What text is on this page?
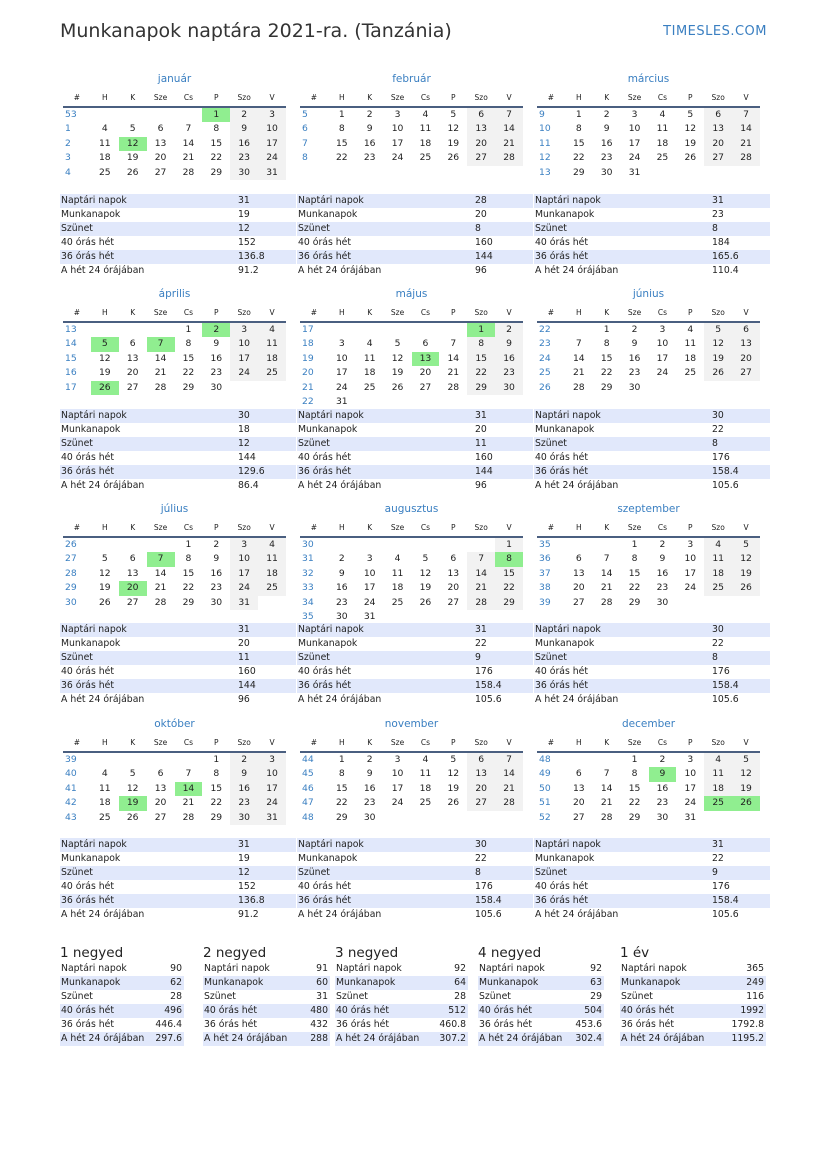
Munkanapok naptára 2021-ra. (Tanzánia)	TIMESLES.COM
január
#	H	K	Sze	Cs	P	Szo	V
53					1	2	3
1	4	5	6	7	8	9	10
2	11	12	13	14	15	16	17
3	18	19	20	21	22	23	24
4	25	26	27	28	29	30	31
Naptári napok	31
Munkanapok	19
Szünet	12
40 órás hét	152
36 órás hét	136.8
A hét 24 órájában	91.2
február
#	H	K	Sze	Cs	P	Szo	V
5	1	2	3	4	5	6	7
6	8	9	10	11	12	13	14
7	15	16	17	18	19	20	21
8	22	23	24	25	26	27	28
Naptári napok	28
Munkanapok	20
Szünet	8
40 órás hét	160
36 órás hét	144
A hét 24 órájában	96
március
#	H	K	Sze	Cs	P	Szo	V
9	1	2	3	4	5	6	7
10	8	9	10	11	12	13	14
11	15	16	17	18	19	20	21
12	22	23	24	25	26	27	28
13	29	30	31				
Naptári napok	31
Munkanapok	23
Szünet	8
40 órás hét	184
36 órás hét	165.6
A hét 24 órájában	110.4
április
#	H	K	Sze	Cs	P	Szo	V
13				1	2	3	4
14	5	6	7	8	9	10	11
15	12	13	14	15	16	17	18
16	19	20	21	22	23	24	25
17	26	27	28	29	30		
Naptári napok	30
Munkanapok	18
Szünet	12
40 órás hét	144
36 órás hét	129.6
A hét 24 órájában	86.4
május
#	H	K	Sze	Cs	P	Szo	V
17						1	2
18	3	4	5	6	7	8	9
19	10	11	12	13	14	15	16
20	17	18	19	20	21	22	23
21	24	25	26	27	28	29	30
22	31						
Naptári napok	31
Munkanapok	20
Szünet	11
40 órás hét	160
36 órás hét	144
A hét 24 órájában	96
június
#	H	K	Sze	Cs	P	Szo	V
22		1	2	3	4	5	6
23	7	8	9	10	11	12	13
24	14	15	16	17	18	19	20
25	21	22	23	24	25	26	27
26	28	29	30				
Naptári napok	30
Munkanapok	22
Szünet	8
40 órás hét	176
36 órás hét	158.4
A hét 24 órájában	105.6
július
#	H	K	Sze	Cs	P	Szo	V
26				1	2	3	4
27	5	6	7	8	9	10	11
28	12	13	14	15	16	17	18
29	19	20	21	22	23	24	25
30	26	27	28	29	30	31	
Naptári napok	31
Munkanapok	20
Szünet	11
40 órás hét	160
36 órás hét	144
A hét 24 órájában	96
augusztus
#	H	K	Sze	Cs	P	Szo	V
30							1
31	2	3	4	5	6	7	8
32	9	10	11	12	13	14	15
33	16	17	18	19	20	21	22
34	23	24	25	26	27	28	29
35	30	31					
Naptári napok	31
Munkanapok	22
Szünet	9
40 órás hét	176
36 órás hét	158.4
A hét 24 órájában	105.6
szeptember
#	H	K	Sze	Cs	P	Szo	V
35			1	2	3	4	5
36	6	7	8	9	10	11	12
37	13	14	15	16	17	18	19
38	20	21	22	23	24	25	26
39	27	28	29	30			
Naptári napok	30
Munkanapok	22
Szünet	8
40 órás hét	176
36 órás hét	158.4
A hét 24 órájában	105.6
október
#	H	K	Sze	Cs	P	Szo	V
39					1	2	3
40	4	5	6	7	8	9	10
41	11	12	13	14	15	16	17
42	18	19	20	21	22	23	24
43	25	26	27	28	29	30	31
Naptári napok	31
Munkanapok	19
Szünet	12
40 órás hét	152
36 órás hét	136.8
A hét 24 órájában	91.2
november
#	H	K	Sze	Cs	P	Szo	V
44	1	2	3	4	5	6	7
45	8	9	10	11	12	13	14
46	15	16	17	18	19	20	21
47	22	23	24	25	26	27	28
48	29	30					
Naptári napok	30
Munkanapok	22
Szünet	8
40 órás hét	176
36 órás hét	158.4
A hét 24 órájában	105.6
december
#	H	K	Sze	Cs	P	Szo	V
48			1	2	3	4	5
49	6	7	8	9	10	11	12
50	13	14	15	16	17	18	19
51	20	21	22	23	24	25	26
52	27	28	29	30	31		
Naptári napok	31
Munkanapok	22
Szünet	9
40 órás hét	176
36 órás hét	158.4
A hét 24 órájában	105.6
1 negyed
Naptári napok	90
Munkanapok	62
Szünet	28
40 órás hét	496
36 órás hét	446.4
A hét 24 órájában	297.6
2 negyed
Naptári napok	91
Munkanapok	60
Szünet	31
40 órás hét	480
36 órás hét	432
A hét 24 órájában	288
3 negyed
Naptári napok	92
Munkanapok	64
Szünet	28
40 órás hét	512
36 órás hét	460.8
A hét 24 órájában	307.2
4 negyed
Naptári napok	92
Munkanapok	63
Szünet	29
40 órás hét	504
36 órás hét	453.6
A hét 24 órájában	302.4
1 év
Naptári napok	365
Munkanapok	249
Szünet	116
40 órás hét	1992
36 órás hét	1792.8
A hét 24 órájában	1195.2
